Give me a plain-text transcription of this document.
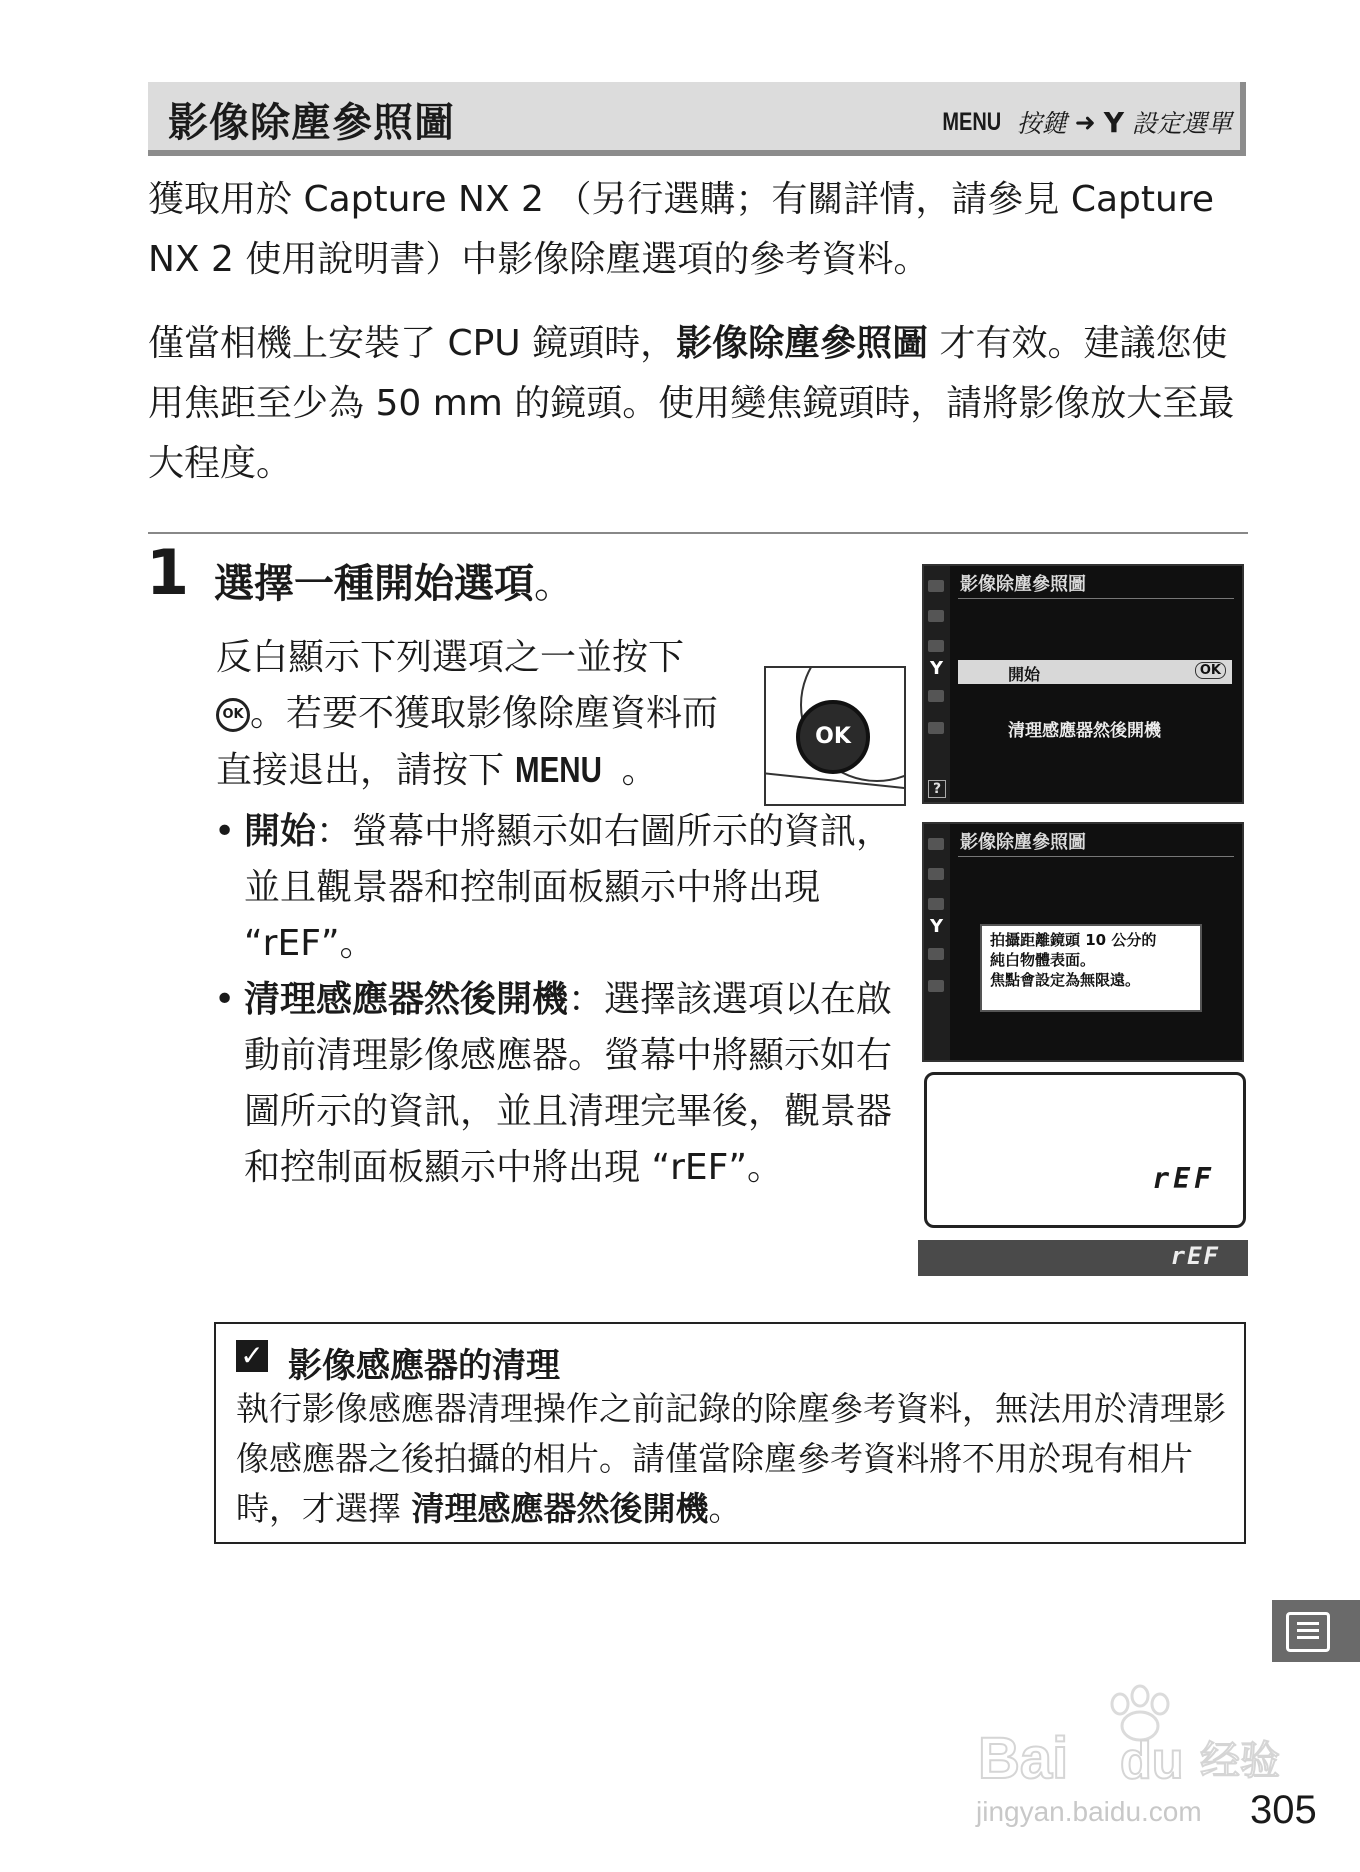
影像除塵參照圖	MENU 按鍵 ➜ Y 設定選單
獲取用於 Capture NX 2 （另行選購；有關詳情，請參見 Capture NX 2 使用說明書）中影像除塵選項的參考資料。
僅當相機上安裝了 CPU 鏡頭時，影像除塵參照圖 才有效。建議您使用焦距至少為 50 mm 的鏡頭。使用變焦鏡頭時，請將影像放大至最大程度。
1 選擇一種開始選項。
反白顯示下列選項之一並按下
OK 。若要不獲取影像除塵資料而直接退出，請按下 MENU 。
OK
• 開始：螢幕中將顯示如右圖所示的資訊，並且觀景器和控制面板顯示中將出現 “rEF”。
• 清理感應器然後開機：選擇該選項以在啟動前清理影像感應器。螢幕中將顯示如右圖所示的資訊，並且清理完畢後，觀景器和控制面板顯示中將出現 “rEF”。
Y
影像除塵參照圖
開始	OK
清理感應器然後開機
?
Y
影像除塵參照圖
拍攝距離鏡頭 10 公分的
純白物體表面。
焦點會設定為無限遠。
rEF
rEF
✓ 影像感應器的清理
執行影像感應器清理操作之前記錄的除塵參考資料，無法用於清理影像感應器之後拍攝的相片。請僅當除塵參考資料將不用於現有相片時，才選擇 清理感應器然後開機。
Bai du 经验
jingyan.baidu.com 305
